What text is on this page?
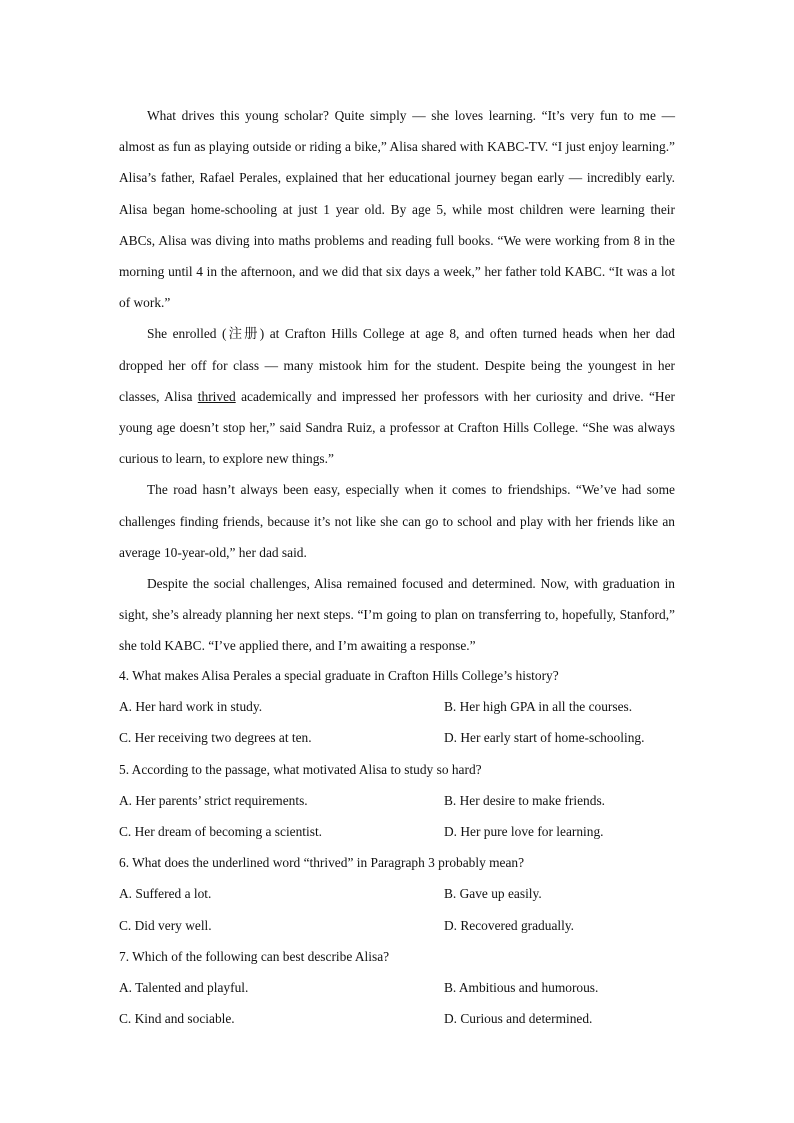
What drives this young scholar? Quite simply — she loves learning. “It’s very fun to me — almost as fun as playing outside or riding a bike,” Alisa shared with KABC-TV. “I just enjoy learning.” Alisa’s father, Rafael Perales, explained that her educational journey began early — incredibly early. Alisa began home-schooling at just 1 year old. By age 5, while most children were learning their ABCs, Alisa was diving into maths problems and reading full books. “We were working from 8 in the morning until 4 in the afternoon, and we did that six days a week,” her father told KABC. “It was a lot of work.”

She enrolled (注册) at Crafton Hills College at age 8, and often turned heads when her dad dropped her off for class — many mistook him for the student. Despite being the youngest in her classes, Alisa thrived academically and impressed her professors with her curiosity and drive. “Her young age doesn’t stop her,” said Sandra Ruiz, a professor at Crafton Hills College. “She was always curious to learn, to explore new things.”

The road hasn’t always been easy, especially when it comes to friendships. “We’ve had some challenges finding friends, because it’s not like she can go to school and play with her friends like an average 10-year-old,” her dad said.

Despite the social challenges, Alisa remained focused and determined. Now, with graduation in sight, she’s already planning her next steps. “I’m going to plan on transferring to, hopefully, Stanford,” she told KABC. “I’ve applied there, and I’m awaiting a response.”

4. What makes Alisa Perales a special graduate in Crafton Hills College’s history?

A. Her hard work in study.	B. Her high GPA in all the courses.
C. Her receiving two degrees at ten.	D. Her early start of home-schooling.

5. According to the passage, what motivated Alisa to study so hard?

A. Her parents’ strict requirements.	B. Her desire to make friends.
C. Her dream of becoming a scientist.	D. Her pure love for learning.

6. What does the underlined word “thrived” in Paragraph 3 probably mean?

A. Suffered a lot.	B. Gave up easily.
C. Did very well.	D. Recovered gradually.

7. Which of the following can best describe Alisa?

A. Talented and playful.	B. Ambitious and humorous.
C. Kind and sociable.	D. Curious and determined.
